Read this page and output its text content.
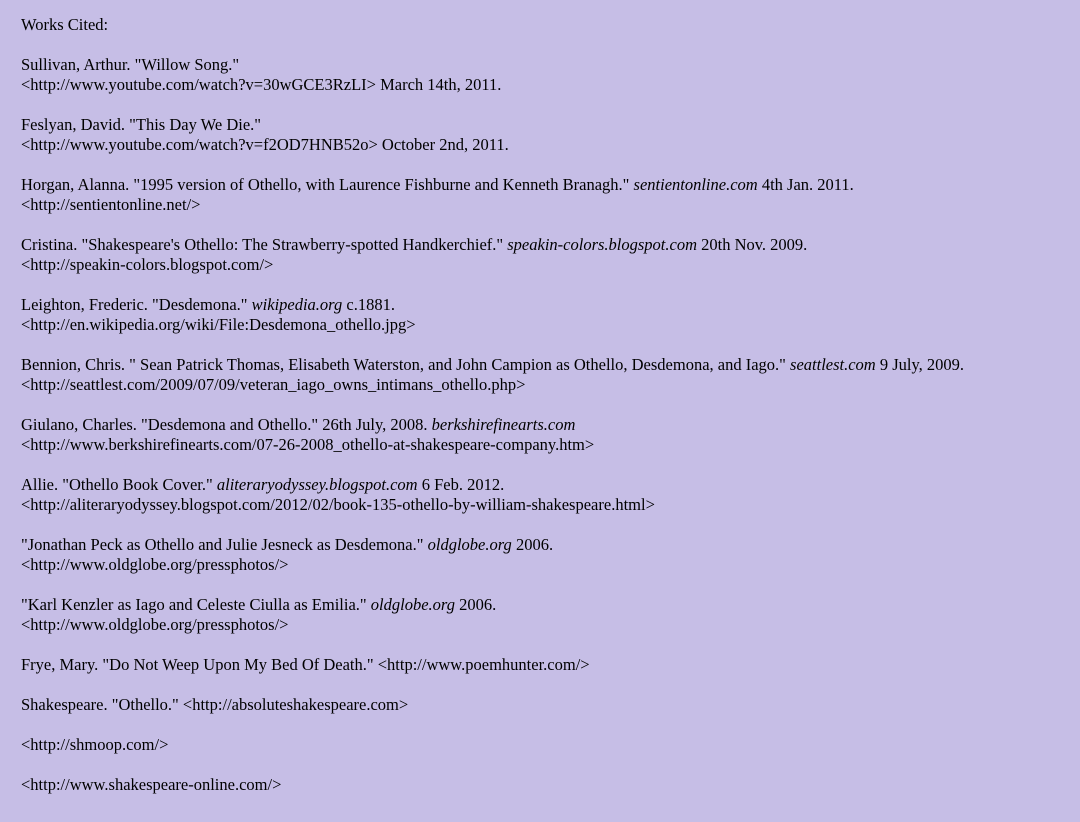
Works Cited:

Sullivan, Arthur. "Willow Song."
<http://www.youtube.com/watch?v=30wGCE3RzLI> March 14th, 2011.

Feslyan, David. "This Day We Die."
<http://www.youtube.com/watch?v=f2OD7HNB52o> October 2nd, 2011.

Horgan, Alanna. "1995 version of Othello, with Laurence Fishburne and Kenneth Branagh." sentientonline.com 4th Jan. 2011.
<http://sentientonline.net/>

Cristina. "Shakespeare's Othello: The Strawberry-spotted Handkerchief." speakin-colors.blogspot.com 20th Nov. 2009.
<http://speakin-colors.blogspot.com/>

Leighton, Frederic. "Desdemona." wikipedia.org c.1881.
<http://en.wikipedia.org/wiki/File:Desdemona_othello.jpg>

Bennion, Chris. " Sean Patrick Thomas, Elisabeth Waterston, and John Campion as Othello, Desdemona, and Iago." seattlest.com 9 July, 2009. <http://seattlest.com/2009/07/09/veteran_iago_owns_intimans_othello.php>

Giulano, Charles. "Desdemona and Othello." 26th July, 2008. berkshirefinearts.com
<http://www.berkshirefinearts.com/07-26-2008_othello-at-shakespeare-company.htm>

Allie. "Othello Book Cover." aliteraryodyssey.blogspot.com 6 Feb. 2012.
<http://aliteraryodyssey.blogspot.com/2012/02/book-135-othello-by-william-shakespeare.html>

"Jonathan Peck as Othello and Julie Jesneck as Desdemona." oldglobe.org 2006.
<http://www.oldglobe.org/pressphotos/>

"Karl Kenzler as Iago and Celeste Ciulla as Emilia." oldglobe.org 2006.
<http://www.oldglobe.org/pressphotos/>

Frye, Mary. "Do Not Weep Upon My Bed Of Death." <http://www.poemhunter.com/>

Shakespeare. "Othello." <http://absoluteshakespeare.com>

<http://shmoop.com/>

<http://www.shakespeare-online.com/>
